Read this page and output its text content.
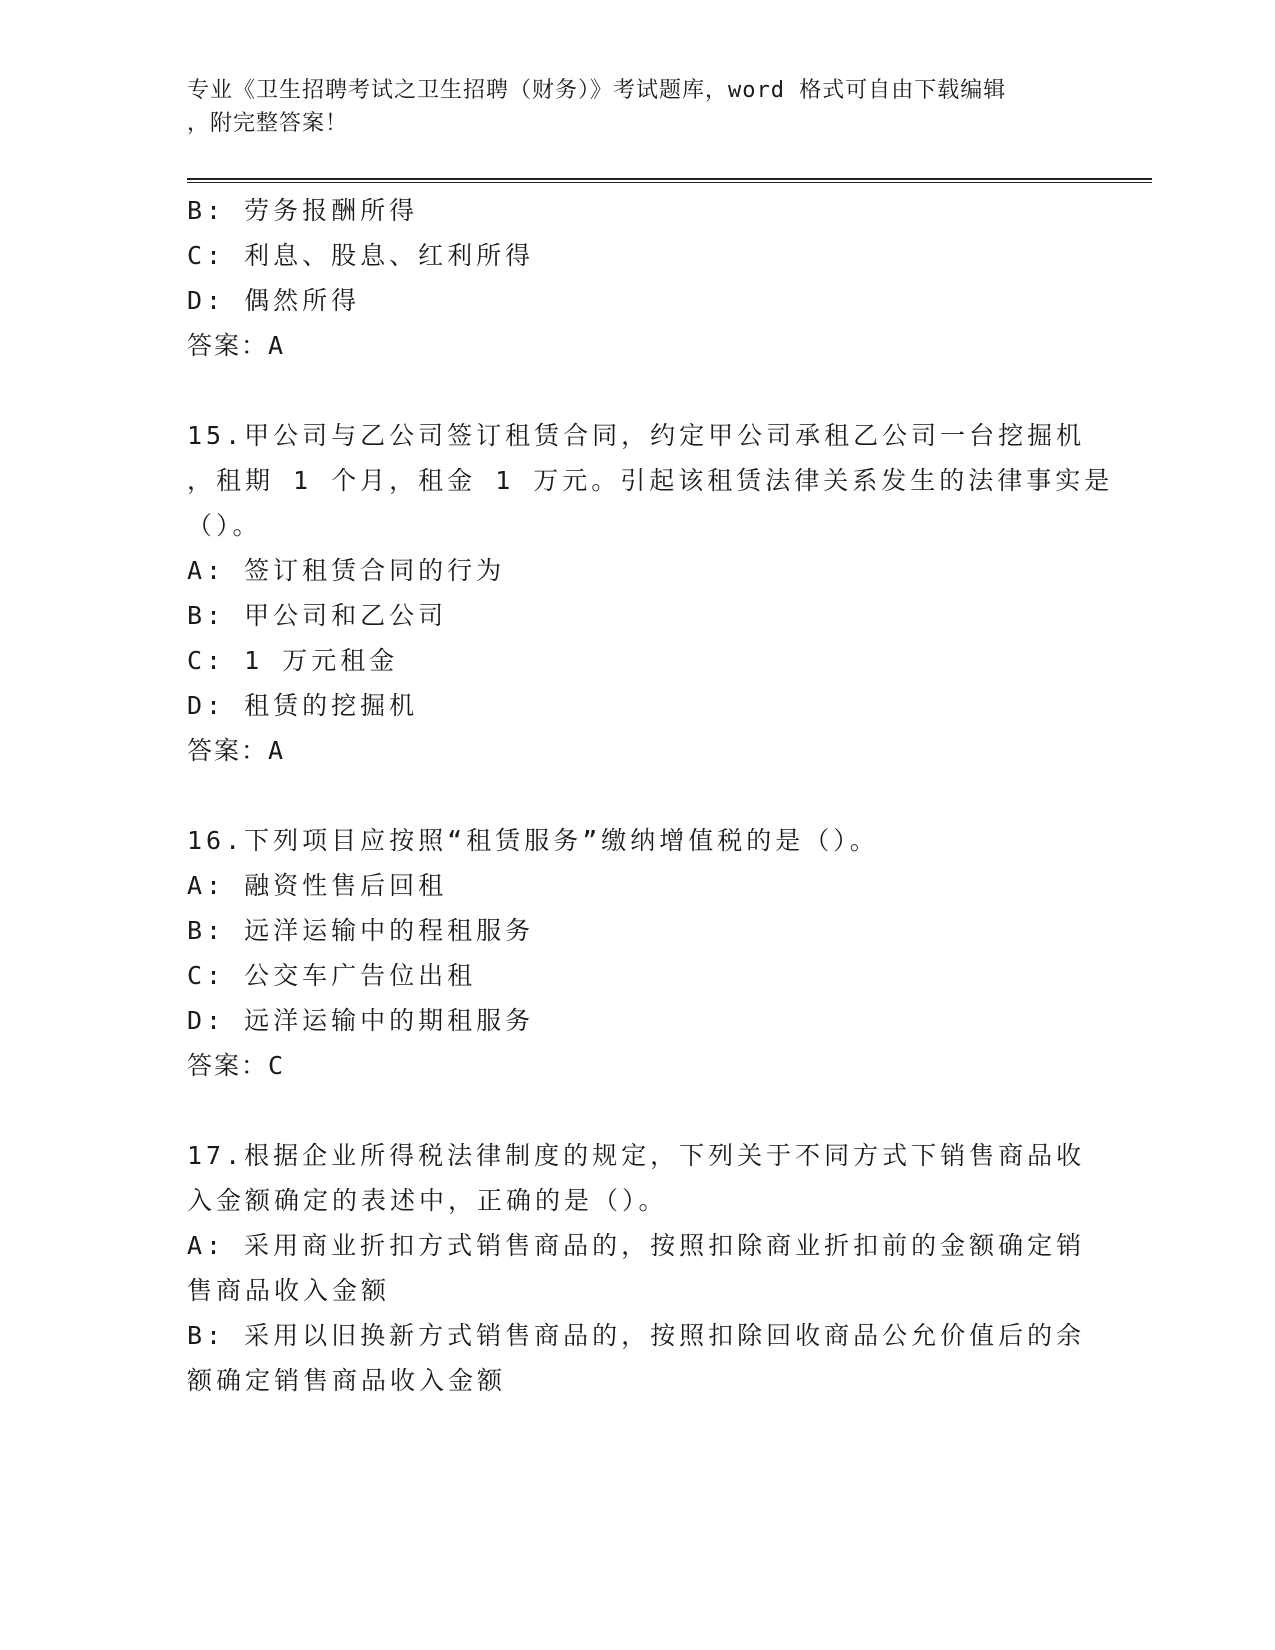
专业《卫生招聘考试之卫生招聘（财务）》考试题库，word 格式可自由下载编辑
，附完整答案！
B: 劳务报酬所得
C: 利息、股息、红利所得
D: 偶然所得
答案：A
15.甲公司与乙公司签订租赁合同，约定甲公司承租乙公司一台挖掘机
，租期 1 个月，租金 1 万元。引起该租赁法律关系发生的法律事实是
（）。
A: 签订租赁合同的行为
B: 甲公司和乙公司
C: 1 万元租金
D: 租赁的挖掘机
答案：A
16.下列项目应按照“租赁服务”缴纳增值税的是（）。
A: 融资性售后回租
B: 远洋运输中的程租服务
C: 公交车广告位出租
D: 远洋运输中的期租服务
答案：C
17.根据企业所得税法律制度的规定，下列关于不同方式下销售商品收
入金额确定的表述中，正确的是（）。
A: 采用商业折扣方式销售商品的，按照扣除商业折扣前的金额确定销
售商品收入金额
B: 采用以旧换新方式销售商品的，按照扣除回收商品公允价值后的余
额确定销售商品收入金额
